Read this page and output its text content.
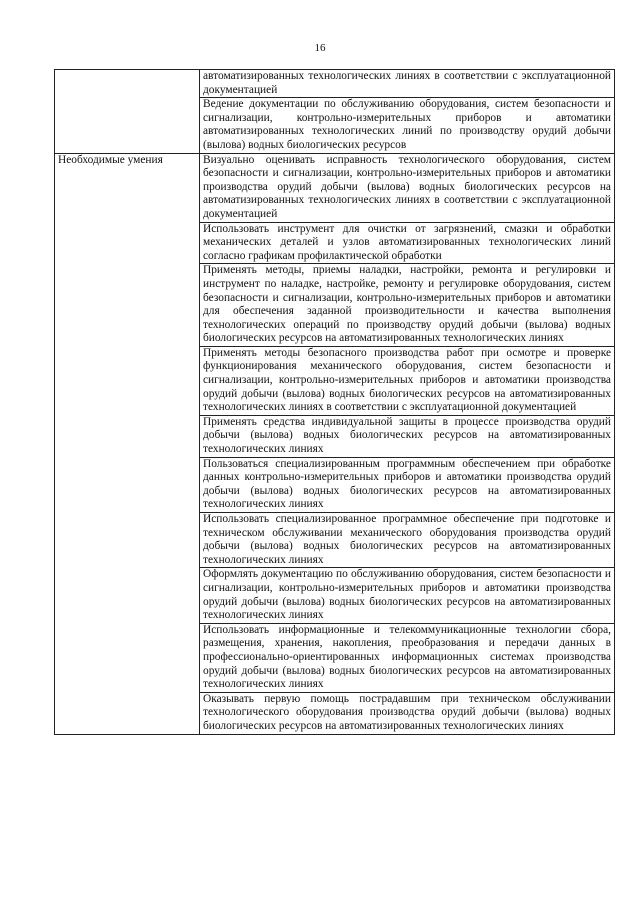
16
	автоматизированных технологических линиях в соответствии с эксплуатационной документацией
	Ведение документации по обслуживанию оборудования, систем безопасности и сигнализации, контрольно-измерительных приборов и автоматики автоматизированных технологических линий по производству орудий добычи (вылова) водных биологических ресурсов
Необходимые умения	Визуально оценивать исправность технологического оборудования, систем безопасности и сигнализации, контрольно-измерительных приборов и автоматики производства орудий добычи (вылова) водных биологических ресурсов на автоматизированных технологических линиях в соответствии с эксплуатационной документацией
	Использовать инструмент для очистки от загрязнений, смазки и обработки механических деталей и узлов автоматизированных технологических линий согласно графикам профилактической обработки
	Применять методы, приемы наладки, настройки, ремонта и регулировки и инструмент по наладке, настройке, ремонту и регулировке оборудования, систем безопасности и сигнализации, контрольно-измерительных приборов и автоматики для обеспечения заданной производительности и качества выполнения технологических операций по производству орудий добычи (вылова) водных биологических ресурсов на автоматизированных технологических линиях
	Применять методы безопасного производства работ при осмотре и проверке функционирования механического оборудования, систем безопасности и сигнализации, контрольно-измерительных приборов и автоматики производства орудий добычи (вылова) водных биологических ресурсов на автоматизированных технологических линиях в соответствии с эксплуатационной документацией
	Применять средства индивидуальной защиты в процессе производства орудий добычи (вылова) водных биологических ресурсов на автоматизированных технологических линиях
	Пользоваться специализированным программным обеспечением при обработке данных контрольно-измерительных приборов и автоматики производства орудий добычи (вылова) водных биологических ресурсов на автоматизированных технологических линиях
	Использовать специализированное программное обеспечение при подготовке и техническом обслуживании механического оборудования производства орудий добычи (вылова) водных биологических ресурсов на автоматизированных технологических линиях
	Оформлять документацию по обслуживанию оборудования, систем безопасности и сигнализации, контрольно-измерительных приборов и автоматики производства орудий добычи (вылова) водных биологических ресурсов на автоматизированных технологических линиях
	Использовать информационные и телекоммуникационные технологии сбора, размещения, хранения, накопления, преобразования и передачи данных в профессионально-ориентированных информационных системах производства орудий добычи (вылова) водных биологических ресурсов на автоматизированных технологических линиях
	Оказывать первую помощь пострадавшим при техническом обслуживании технологического оборудования производства орудий добычи (вылова) водных биологических ресурсов на автоматизированных технологических линиях
